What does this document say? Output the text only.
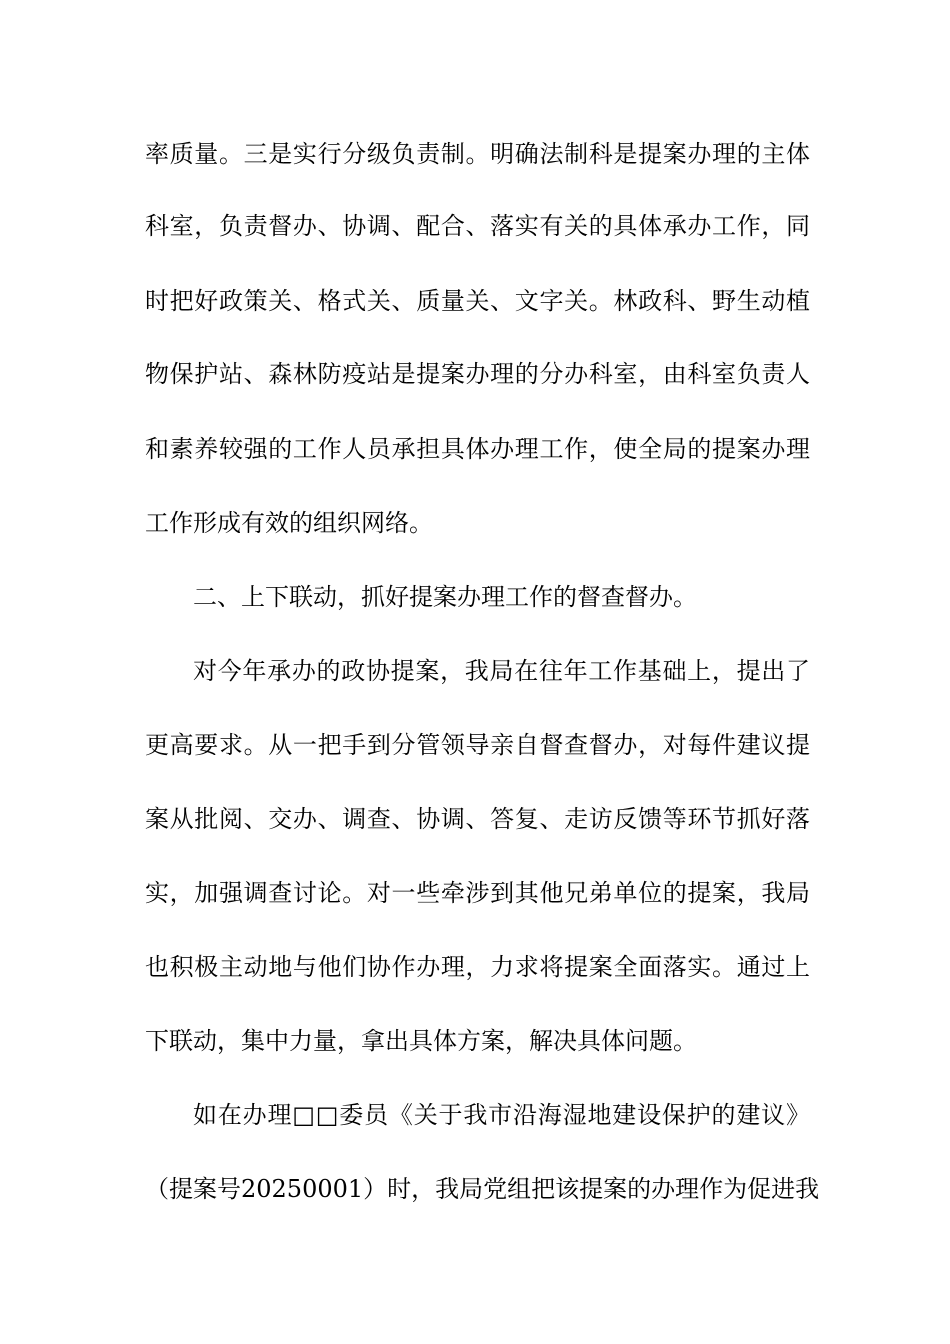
率质量。三是实行分级负责制。明确法制科是提案办理的主体
科室，负责督办、协调、配合、落实有关的具体承办工作，同
时把好政策关、格式关、质量关、文字关。林政科、野生动植
物保护站、森林防疫站是提案办理的分办科室，由科室负责人
和素养较强的工作人员承担具体办理工作，使全局的提案办理
工作形成有效的组织网络。
二、上下联动，抓好提案办理工作的督查督办。
对今年承办的政协提案，我局在往年工作基础上，提出了
更高要求。从一把手到分管领导亲自督查督办，对每件建议提
案从批阅、交办、调查、协调、答复、走访反馈等环节抓好落
实，加强调查讨论。对一些牵涉到其他兄弟单位的提案，我局
也积极主动地与他们协作办理，力求将提案全面落实。通过上
下联动，集中力量，拿出具体方案，解决具体问题。
如在办理□□委员《关于我市沿海湿地建设保护的建议》
（提案号20250001）时，我局党组把该提案的办理作为促进我
